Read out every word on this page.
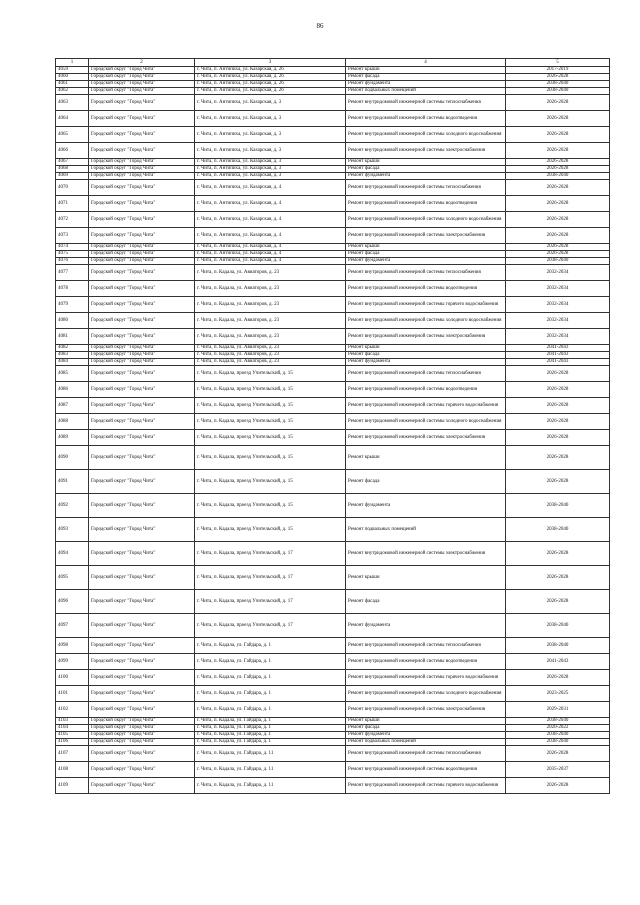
86
1	2	3	4	5
4059	Городской округ "Город Чита"	г. Чита, п. Антипиха, ул. Казарская, д. 26	Ремонт крыши	2017-2019
4060	Городской округ "Город Чита"	г. Чита, п. Антипиха, ул. Казарская, д. 26	Ремонт фасада	2026-2028
4061	Городской округ "Город Чита"	г. Чита, п. Антипиха, ул. Казарская, д. 26	Ремонт фундамента	2038-2040
4062	Городской округ "Город Чита"	г. Чита, п. Антипиха, ул. Казарская, д. 26	Ремонт подвальных помещений	2038-2040
4063	Городской округ "Город Чита"	г. Чита, п. Антипиха, ул. Казарская, д. 3	Ремонт внутридомовой инженерной системы теплоснабжения	2026-2028
4064	Городской округ "Город Чита"	г. Чита, п. Антипиха, ул. Казарская, д. 3	Ремонт внутридомовой инженерной системы водоотведения	2026-2028
4065	Городской округ "Город Чита"	г. Чита, п. Антипиха, ул. Казарская, д. 3	Ремонт внутридомовой инженерной системы холодного водоснабжения	2026-2028
4066	Городской округ "Город Чита"	г. Чита, п. Антипиха, ул. Казарская, д. 3	Ремонт внутридомовой инженерной системы электроснабжения	2026-2028
4067	Городской округ "Город Чита"	г. Чита, п. Антипиха, ул. Казарская, д. 3	Ремонт крыши	2026-2028
4068	Городской округ "Город Чита"	г. Чита, п. Антипиха, ул. Казарская, д. 3	Ремонт фасада	2026-2028
4069	Городской округ "Город Чита"	г. Чита, п. Антипиха, ул. Казарская, д. 3	Ремонт фундамента	2038-2040
4070	Городской округ "Город Чита"	г. Чита, п. Антипиха, ул. Казарская, д. 4	Ремонт внутридомовой инженерной системы теплоснабжения	2026-2028
4071	Городской округ "Город Чита"	г. Чита, п. Антипиха, ул. Казарская, д. 4	Ремонт внутридомовой инженерной системы водоотведения	2026-2028
4072	Городской округ "Город Чита"	г. Чита, п. Антипиха, ул. Казарская, д. 4	Ремонт внутридомовой инженерной системы холодного водоснабжения	2026-2028
4073	Городской округ "Город Чита"	г. Чита, п. Антипиха, ул. Казарская, д. 4	Ремонт внутридомовой инженерной системы электроснабжения	2026-2028
4074	Городской округ "Город Чита"	г. Чита, п. Антипиха, ул. Казарская, д. 4	Ремонт крыши	2026-2028
4075	Городской округ "Город Чита"	г. Чита, п. Антипиха, ул. Казарская, д. 4	Ремонт фасада	2026-2028
4076	Городской округ "Город Чита"	г. Чита, п. Антипиха, ул. Казарская, д. 4	Ремонт фундамента	2038-2040
4077	Городской округ "Город Чита"	г. Чита, п. Кадала, ул. Авиаторов, д. 23	Ремонт внутридомовой инженерной системы теплоснабжения	2032-2034
4078	Городской округ "Город Чита"	г. Чита, п. Кадала, ул. Авиаторов, д. 23	Ремонт внутридомовой инженерной системы водоотведения	2032-2034
4079	Городской округ "Город Чита"	г. Чита, п. Кадала, ул. Авиаторов, д. 23	Ремонт внутридомовой инженерной системы горячего водоснабжения	2032-2034
4080	Городской округ "Город Чита"	г. Чита, п. Кадала, ул. Авиаторов, д. 23	Ремонт внутридомовой инженерной системы холодного водоснабжения	2032-2034
4081	Городской округ "Город Чита"	г. Чита, п. Кадала, ул. Авиаторов, д. 23	Ремонт внутридомовой инженерной системы электроснабжения	2032-2034
4082	Городской округ "Город Чита"	г. Чита, п. Кадала, ул. Авиаторов, д. 23	Ремонт крыши	2041-2043
4083	Городской округ "Город Чита"	г. Чита, п. Кадала, ул. Авиаторов, д. 23	Ремонт фасада	2041-2043
4084	Городской округ "Город Чита"	г. Чита, п. Кадала, ул. Авиаторов, д. 23	Ремонт фундамента	2041-2043
4085	Городской округ "Город Чита"	г. Чита, п. Кадала, проезд Учительский, д. 15	Ремонт внутридомовой инженерной системы теплоснабжения	2026-2028
4086	Городской округ "Город Чита"	г. Чита, п. Кадала, проезд Учительский, д. 15	Ремонт внутридомовой инженерной системы водоотведения	2026-2028
4087	Городской округ "Город Чита"	г. Чита, п. Кадала, проезд Учительский, д. 15	Ремонт внутридомовой инженерной системы горячего водоснабжения	2026-2028
4088	Городской округ "Город Чита"	г. Чита, п. Кадала, проезд Учительский, д. 15	Ремонт внутридомовой инженерной системы холодного водоснабжения	2026-2028
4089	Городской округ "Город Чита"	г. Чита, п. Кадала, проезд Учительский, д. 15	Ремонт внутридомовой инженерной системы электроснабжения	2026-2028
4090	Городской округ "Город Чита"	г. Чита, п. Кадала, проезд Учительский, д. 15	Ремонт крыши	2026-2028
4091	Городской округ "Город Чита"	г. Чита, п. Кадала, проезд Учительский, д. 15	Ремонт фасада	2026-2028
4092	Городской округ "Город Чита"	г. Чита, п. Кадала, проезд Учительский, д. 15	Ремонт фундамента	2038-2040
4093	Городской округ "Город Чита"	г. Чита, п. Кадала, проезд Учительский, д. 15	Ремонт подвальных помещений	2038-2040
4094	Городской округ "Город Чита"	г. Чита, п. Кадала, проезд Учительский, д. 17	Ремонт внутридомовой инженерной системы электроснабжения	2026-2028
4095	Городской округ "Город Чита"	г. Чита, п. Кадала, проезд Учительский, д. 17	Ремонт крыши	2026-2028
4096	Городской округ "Город Чита"	г. Чита, п. Кадала, проезд Учительский, д. 17	Ремонт фасада	2026-2028
4097	Городской округ "Город Чита"	г. Чита, п. Кадала, проезд Учительский, д. 17	Ремонт фундамента	2038-2040
4098	Городской округ "Город Чита"	г. Чита, п. Кадала, ул. Гайдара, д. 1	Ремонт внутридомовой инженерной системы теплоснабжения	2038-2040
4099	Городской округ "Город Чита"	г. Чита, п. Кадала, ул. Гайдара, д. 1	Ремонт внутридомовой инженерной системы водоотведения	2041-2043
4100	Городской округ "Город Чита"	г. Чита, п. Кадала, ул. Гайдара, д. 1	Ремонт внутридомовой инженерной системы горячего водоснабжения	2026-2028
4101	Городской округ "Город Чита"	г. Чита, п. Кадала, ул. Гайдара, д. 1	Ремонт внутридомовой инженерной системы холодного водоснабжения	2023-2025
4102	Городской округ "Город Чита"	г. Чита, п. Кадала, ул. Гайдара, д. 1	Ремонт внутридомовой инженерной системы электроснабжения	2029-2031
4103	Городской округ "Город Чита"	г. Чита, п. Кадала, ул. Гайдара, д. 1	Ремонт крыши	2038-2040
4104	Городской округ "Город Чита"	г. Чита, п. Кадала, ул. Гайдара, д. 1	Ремонт фасада	2020-2022
4105	Городской округ "Город Чита"	г. Чита, п. Кадала, ул. Гайдара, д. 1	Ремонт фундамента	2038-2040
4106	Городской округ "Город Чита"	г. Чита, п. Кадала, ул. Гайдара, д. 1	Ремонт подвальных помещений	2038-2040
4107	Городской округ "Город Чита"	г. Чита, п. Кадала, ул. Гайдара, д. 11	Ремонт внутридомовой инженерной системы теплоснабжения	2026-2028
4108	Городской округ "Город Чита"	г. Чита, п. Кадала, ул. Гайдара, д. 11	Ремонт внутридомовой инженерной системы водоотведения	2035-2037
4109	Городской округ "Город Чита"	г. Чита, п. Кадала, ул. Гайдара, д. 11	Ремонт внутридомовой инженерной системы горячего водоснабжения	2026-2028
